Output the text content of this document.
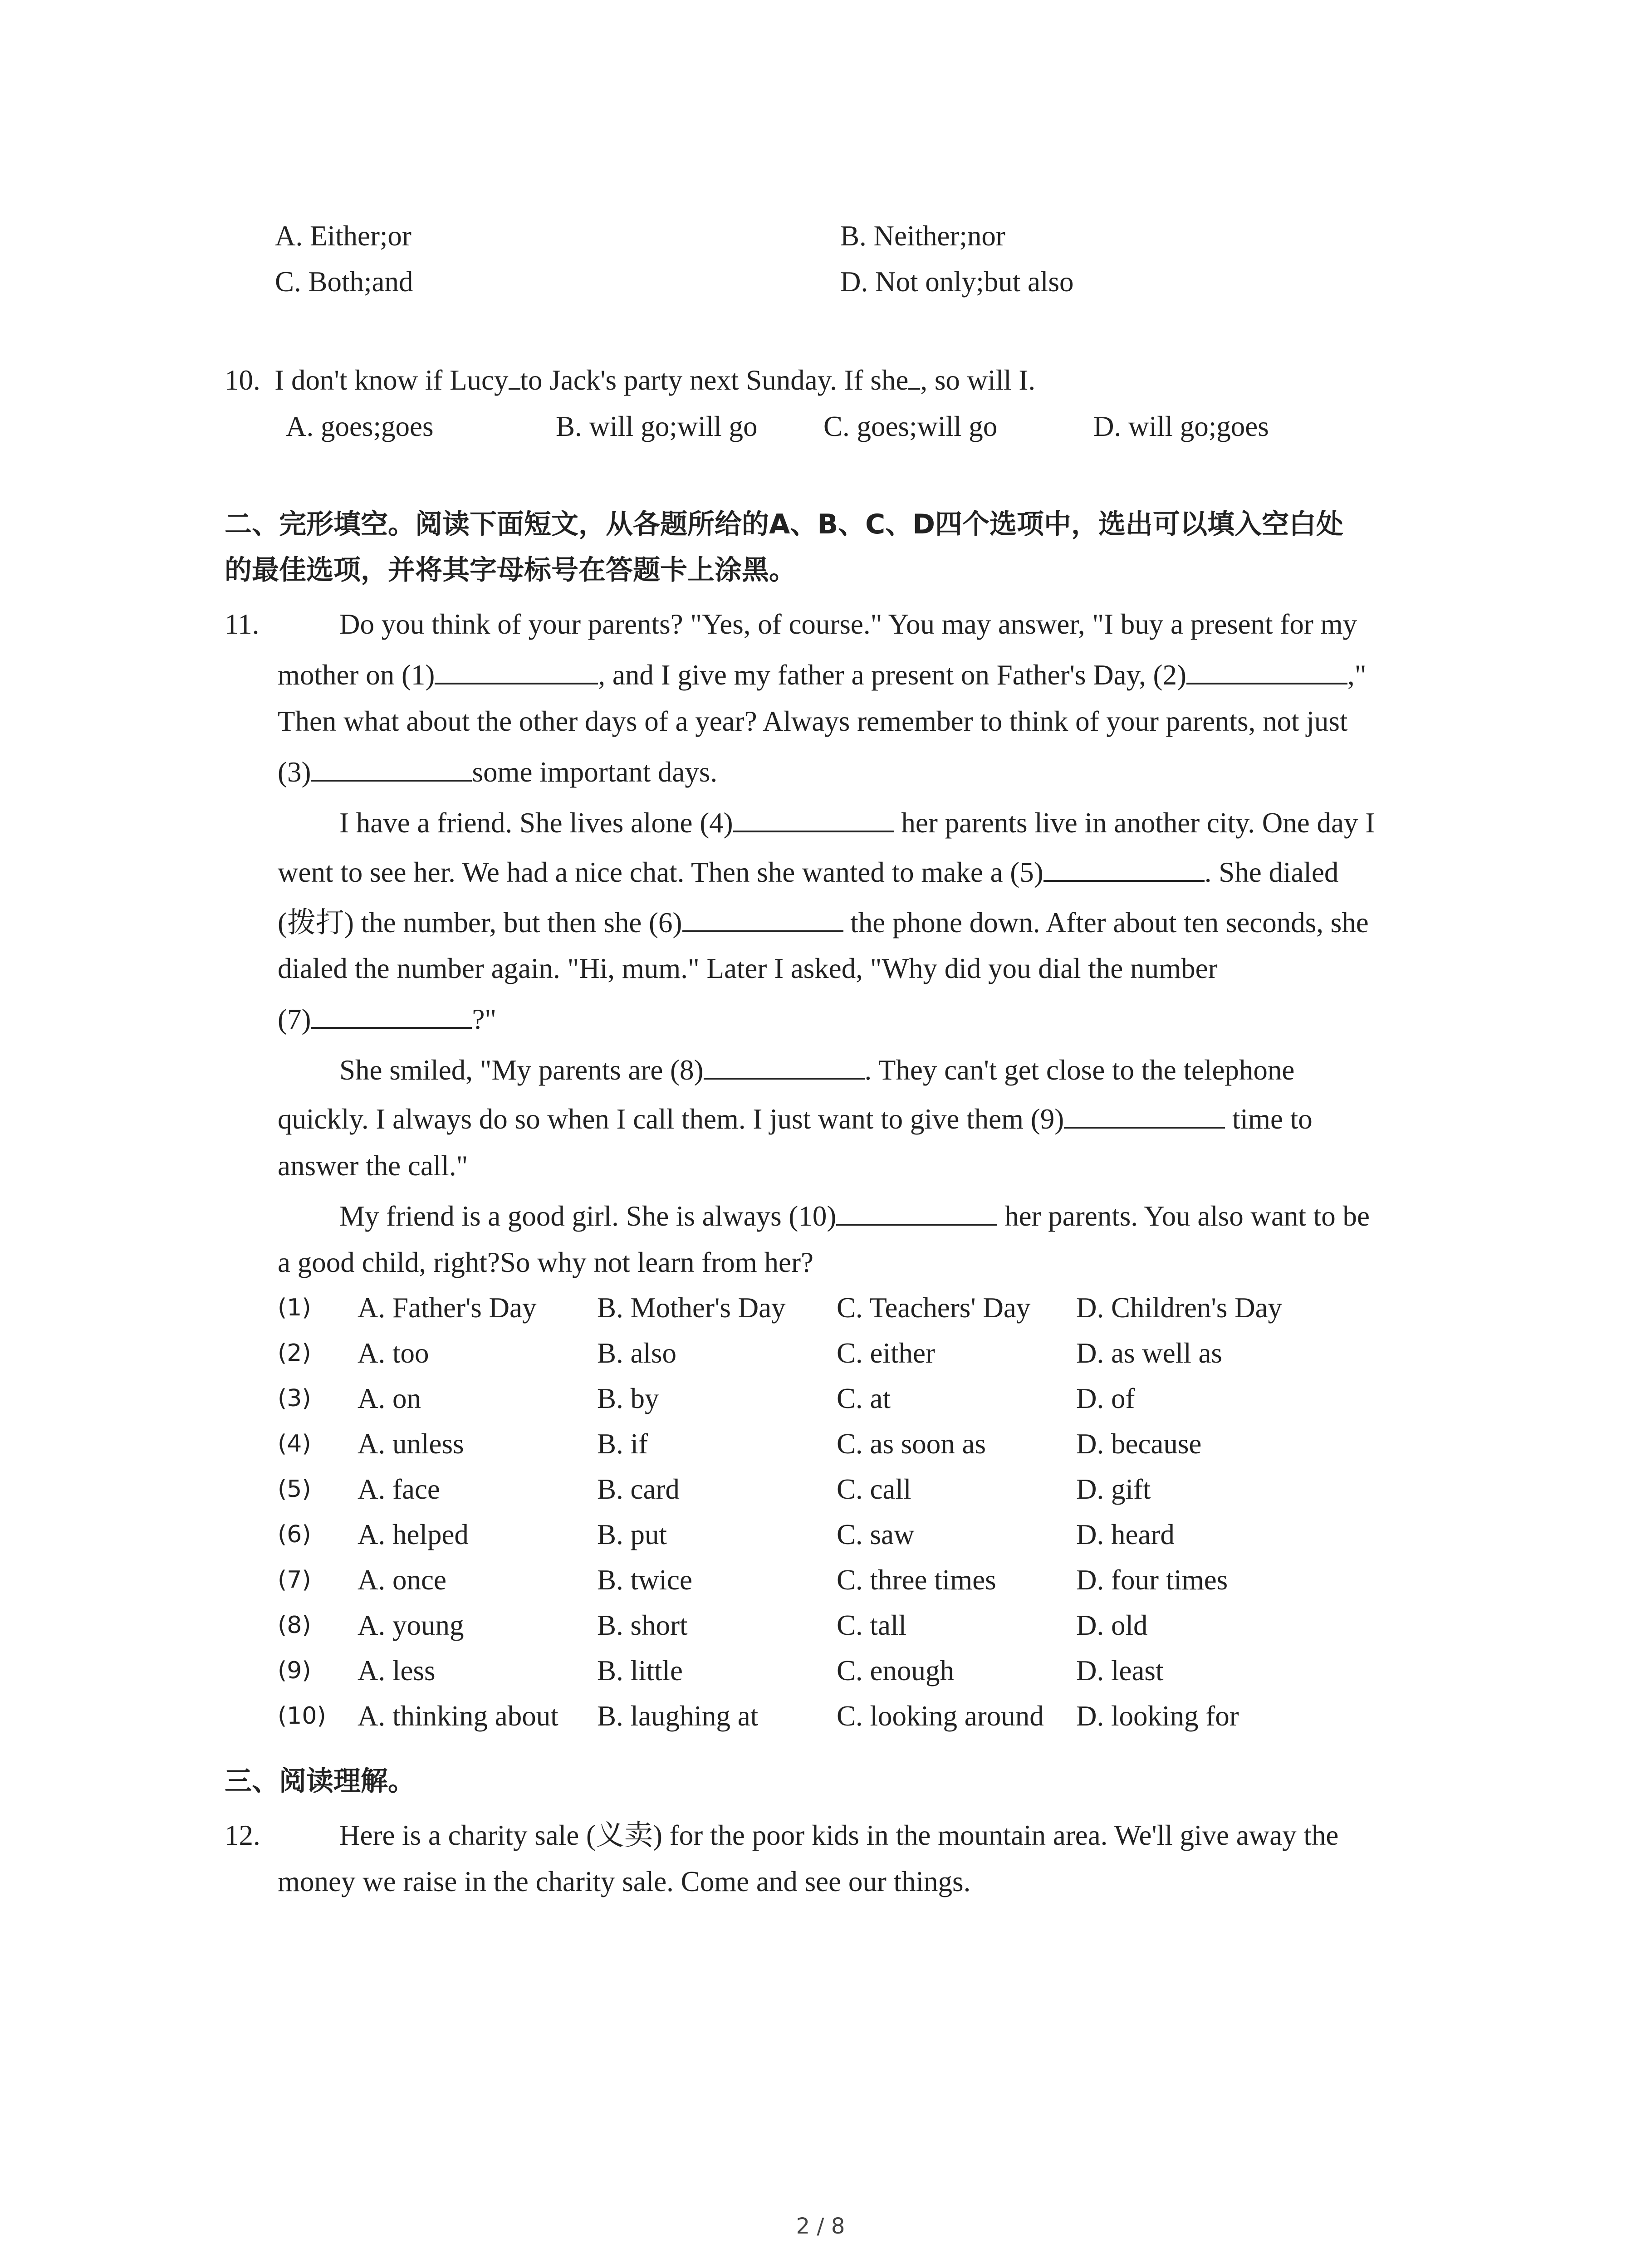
A. Either;or	B. Neither;nor
C. Both;and	D. Not only;but also
10. I don't know if Lucy to Jack's party next Sunday. If she , so will I.
A. goes;goes	B. will go;will go C. goes;will go	D. will go;goes
二、完形填空。阅读下面短文，从各题所给的A、B、C、D四个选项中，选出可以填入空白处
的最佳选项，并将其字母标号在答题卡上涂黑。
11.	Do you think of your parents? "Yes, of course." You may answer, "I buy a present for my
mother on (1)	, and I give my father a present on Father's Day, (2)	,"
Then what about the other days of a year? Always remember to think of your parents, not just
(3)	some important days.
I have a friend. She lives alone (4)	her parents live in another city. One day I
went to see her. We had a nice chat. Then she wanted to make a (5)	. She dialed
(拨打) the number, but then she (6)	the phone down. After about ten seconds, she
dialed the number again. "Hi, mum." Later I asked, "Why did you dial the number
(7)	?"
She smiled, "My parents are (8)	. They can't get close to the telephone
quickly. I always do so when I call them. I just want to give them (9)	time to
answer the call."
My friend is a good girl. She is always (10)	her parents. You also want to be
a good child, right?So why not learn from her?
(1) A. Father's Day B. Mother's Day C. Teachers' Day D. Children's Day
(2) A. too	B. also	C. either	D. as well as
(3) A. on	B. by	C. at	D. of
(4) A. unless	B. if	C. as soon as	D. because
(5) A. face	B. card	C. call	D. gift
(6) A. helped	B. put	C. saw	D. heard
(7) A. once	B. twice	C. three times	D. four times
(8) A. young	B. short	C. tall	D. old
(9) A. less	B. little	C. enough	D. least
(10) A. thinking about B. laughing at	C. looking around D. looking for
三、阅读理解。
12.	Here is a charity sale (义卖) for the poor kids in the mountain area. We'll give away the
money we raise in the charity sale. Come and see our things.
2 / 8
